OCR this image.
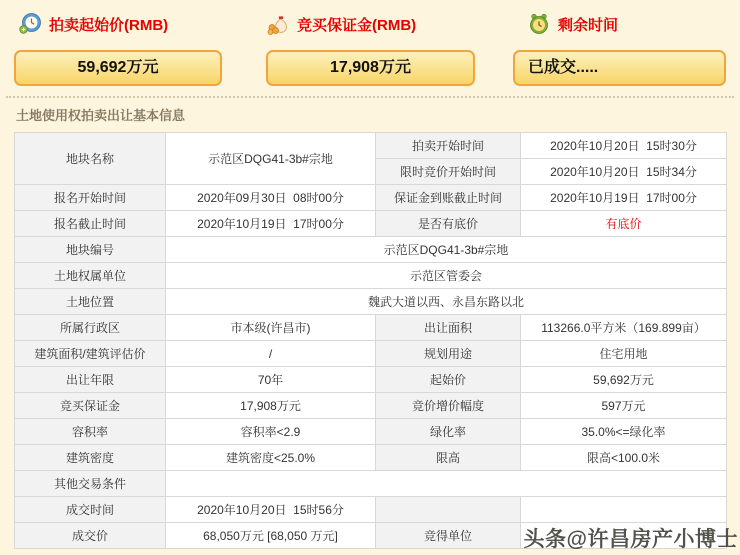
拍卖起始价(RMB)	竞买保证金(RMB)	剩余时间
59,692万元	17,908万元	已成交.....
土地使用权拍卖出让基本信息
地块名称	示范区DQG41-3b#宗地	拍卖开始时间	2020年10月20日  15时30分
		限时竞价开始时间	2020年10月20日  15时34分
报名开始时间	2020年09月30日  08时00分	保证金到账截止时间	2020年10月19日  17时00分
报名截止时间	2020年10月19日  17时00分	是否有底价	有底价
地块编号	示范区DQG41-3b#宗地		
土地权属单位	示范区管委会		
土地位置	魏武大道以西、永昌东路以北		
所属行政区	市本级(许昌市)	出让面积	113266.0平方米（169.899亩）
建筑面积/建筑评估价	/	规划用途	住宅用地
出让年限	70年	起始价	59,692万元
竞买保证金	17,908万元	竞价增价幅度	597万元
容积率	容积率<2.9	绿化率	35.0%<=绿化率
建筑密度	建筑密度<25.0%	限高	限高<100.0米
其他交易条件			
成交时间	2020年10月20日  15时56分		
成交价	68,050万元 [68,050 万元]	竞得单位	头条@许昌房产小博士
